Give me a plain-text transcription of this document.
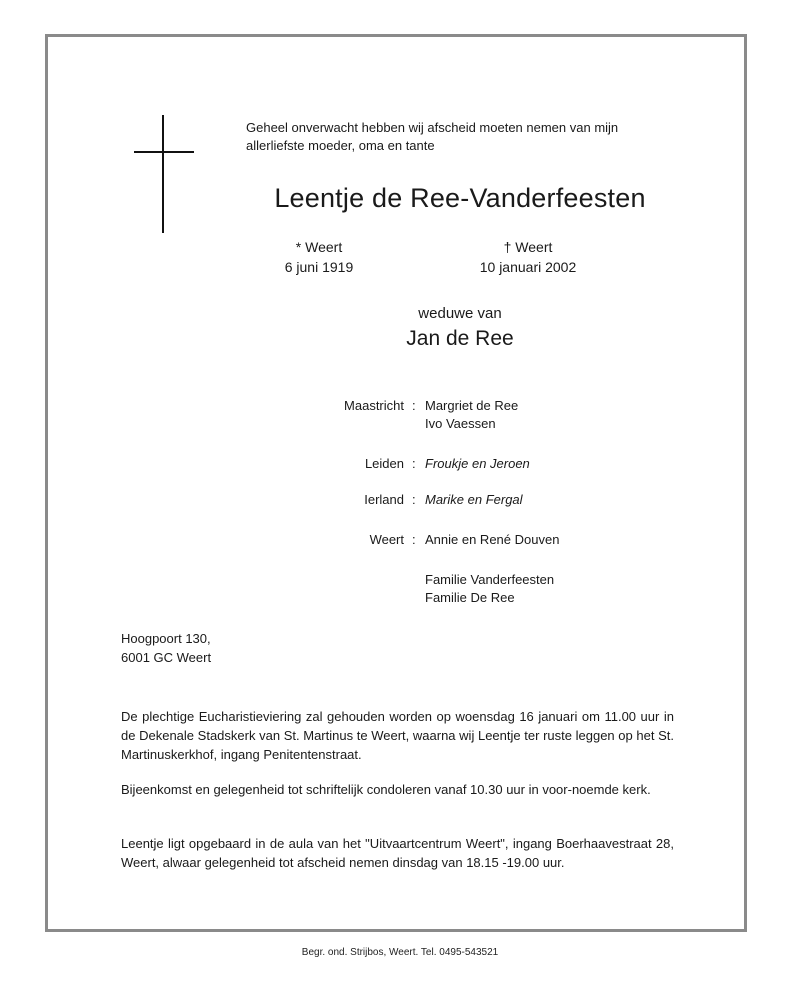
Geheel onverwacht hebben wij afscheid moeten nemen van mijn
allerliefste moeder, oma en tante
Leentje de Ree-Vanderfeesten
* Weert
6 juni 1919
† Weert
10 januari 2002
weduwe van
Jan de Ree
Maastricht : Margriet de Ree
Ivo Vaessen
Leiden : Froukje en Jeroen
Ierland : Marike en Fergal
Weert : Annie en René Douven
Familie Vanderfeesten
Familie De Ree
Hoogpoort 130,
6001 GC Weert
De plechtige Eucharistieviering zal gehouden worden op woensdag 16 januari om 11.00 uur in de Dekenale Stadskerk van St. Martinus te Weert, waarna wij Leentje ter ruste leggen op het St. Martinuskerkhof, ingang Penitentenstraat.
Bijeenkomst en gelegenheid tot schriftelijk condoleren vanaf 10.30 uur in voor-noemde kerk.
Leentje ligt opgebaard in de aula van het "Uitvaartcentrum Weert", ingang Boerhaavestraat 28, Weert, alwaar gelegenheid tot afscheid nemen dinsdag van 18.15 -19.00 uur.
Begr. ond. Strijbos, Weert. Tel. 0495-543521
